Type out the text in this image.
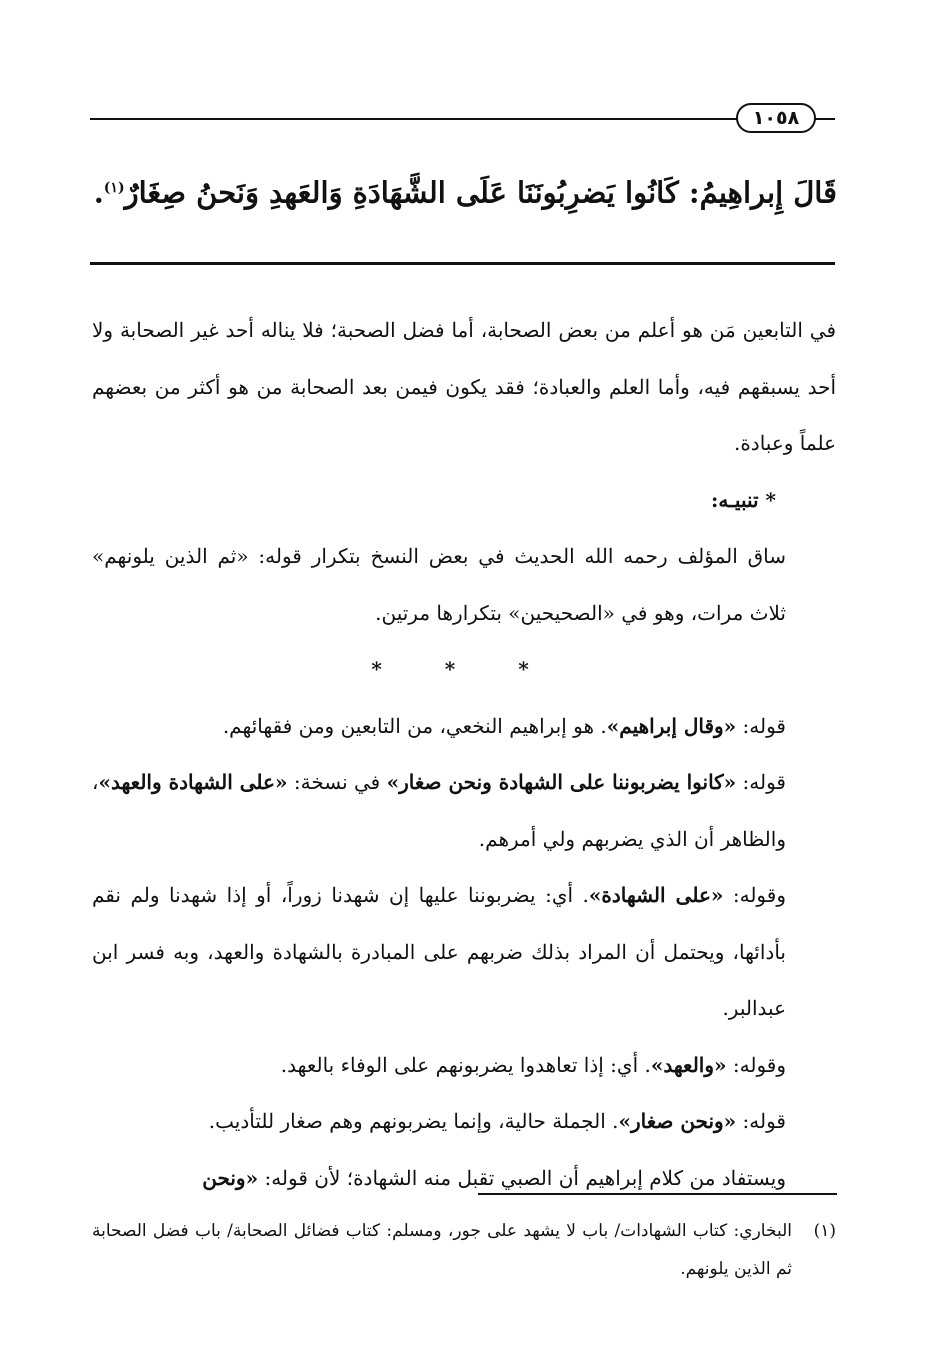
١٠٥٨
قَالَ إِبراهِيمُ: كَانُوا يَضرِبُونَنَا عَلَى الشَّهَادَةِ وَالعَهدِ وَنَحنُ صِغَارٌ$^{(١)}$.

في التابعين مَن هو أعلم من بعض الصحابة، أما فضل الصحبة؛ فلا يناله أحد غير الصحابة ولا أحد يسبقهم فيه، وأما العلم والعبادة؛ فقد يكون فيمن بعد الصحابة من هو أكثر من بعضهم علماً وعبادة.

* تنبيـه:

ساق المؤلف رحمه الله الحديث في بعض النسخ بتكرار قوله: «ثم الذين يلونهم» ثلاث مرات، وهو في «الصحيحين» بتكرارها مرتين.

* * *

قوله: «وقال إبراهيم». هو إبراهيم النخعي، من التابعين ومن فقهائهم.

قوله: «كانوا يضربوننا على الشهادة ونحن صغار» في نسخة: «على الشهادة والعهد»، والظاهر أن الذي يضربهم ولي أمرهم.

وقوله: «على الشهادة». أي: يضربوننا عليها إن شهدنا زوراً، أو إذا شهدنا ولم نقم بأدائها، ويحتمل أن المراد بذلك ضربهم على المبادرة بالشهادة والعهد، وبه فسر ابن عبدالبر.

وقوله: «والعهد». أي: إذا تعاهدوا يضربونهم على الوفاء بالعهد.

قوله: «ونحن صغار». الجملة حالية، وإنما يضربونهم وهم صغار للتأديب.

ويستفاد من كلام إبراهيم أن الصبي تقبل منه الشهادة؛ لأن قوله: «ونحن

(١)
البخاري: كتاب الشهادات/ باب لا يشهد على جور، ومسلم: كتاب فضائل الصحابة/ باب فضل الصحابة ثم الذين يلونهم.
